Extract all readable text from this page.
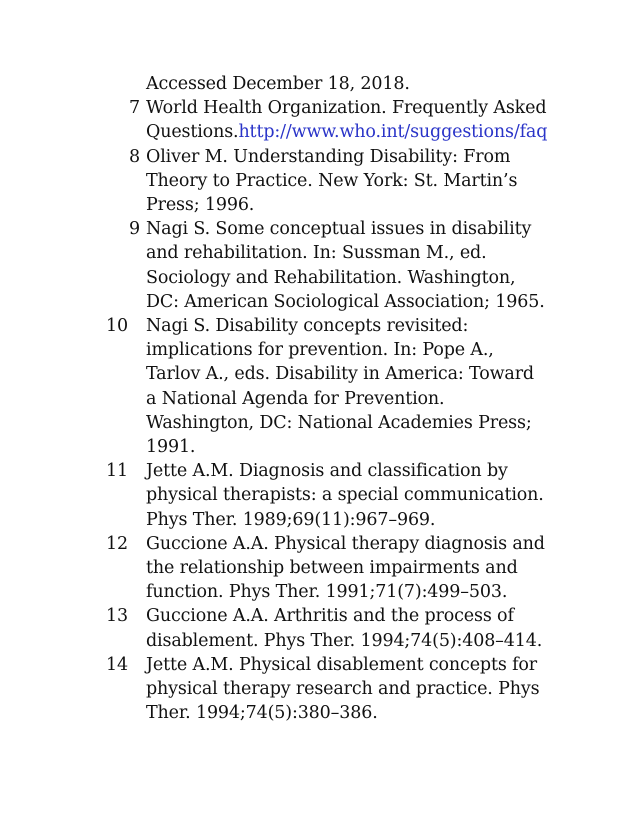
Accessed December 18, 2018.
7 World Health Organization. Frequently Asked
Questions.http://www.who.int/suggestions/faq
8 Oliver M. Understanding Disability: From
Theory to Practice. New York: St. Martin’s
Press; 1996.
9 Nagi S. Some conceptual issues in disability
and rehabilitation. In: Sussman M., ed.
Sociology and Rehabilitation. Washington,
DC: American Sociological Association; 1965.
10 Nagi S. Disability concepts revisited:
implications for prevention. In: Pope A.,
Tarlov A., eds. Disability in America: Toward
a National Agenda for Prevention.
Washington, DC: National Academies Press;
1991.
11 Jette A.M. Diagnosis and classification by
physical therapists: a special communication.
Phys Ther. 1989;69(11):967–969.
12 Guccione A.A. Physical therapy diagnosis and
the relationship between impairments and
function. Phys Ther. 1991;71(7):499–503.
13 Guccione A.A. Arthritis and the process of
disablement. Phys Ther. 1994;74(5):408–414.
14 Jette A.M. Physical disablement concepts for
physical therapy research and practice. Phys
Ther. 1994;74(5):380–386.
